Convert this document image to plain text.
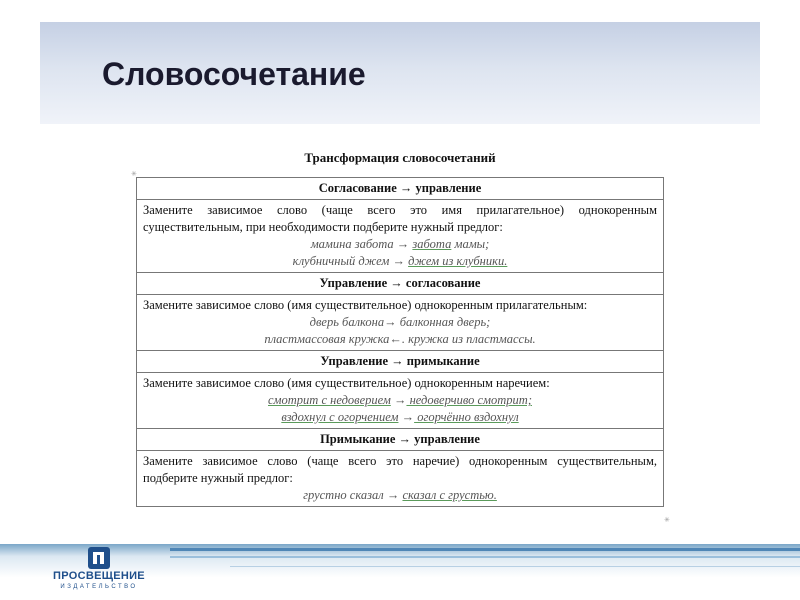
Словосочетание
Трансформация словосочетаний
✳
✳
Согласование → управление

Замените зависимое слово (чаще всего это имя прилагательное) однокоренным существительным, при необходимости подберите нужный предлог:
мамина забота → забота мамы;
клубничный джем → джем из клубники.

Управление → согласование

Замените зависимое слово (имя существительное) однокоренным прилагательным:
дверь балкона→ балконная дверь;
пластмассовая кружка←. кружка из пластмассы.

Управление → примыкание

Замените зависимое слово (имя существительное) однокоренным наречием:
смотрит с недоверием → недоверчиво смотрит;
вздохнул с огорчением → огорчённо вздохнул

Примыкание → управление

Замените зависимое слово (чаще всего это наречие) однокоренным существительным, подберите нужный предлог:
грустно сказал → сказал с грустью.
ПРОСВЕЩЕНИЕ
ИЗДАТЕЛЬСТВО
